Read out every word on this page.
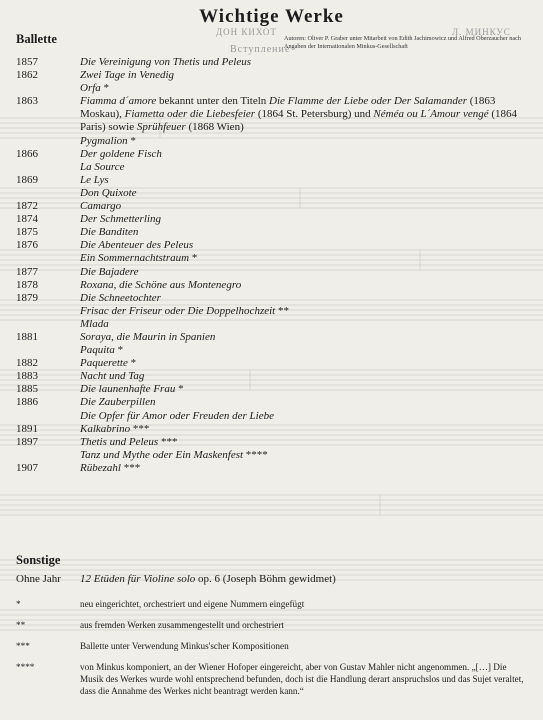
ДОН КИХОТ	Л. МИНКУС
Вступление
Wichtige Werke
Ballette	Autoren: Oliver P. Graber unter Mitarbeit von Edith Jachimowicz und Alfred Oberzaucher nach Angaben der Internationalen Minkus-Gesellschaft
1857	Die Vereinigung von Thetis und Peleus
1862	Zwei Tage in Venedig
Orfa *
1863	Fiamma d´amore bekannt unter den Titeln Die Flamme der Liebe oder Der Salamander (1863 Moskau), Fiametta oder die Liebesfeier (1864 St. Petersburg) und Néméa ou L´Amour vengé (1864 Paris) sowie Sprühfeuer (1868 Wien)
Pygmalion *
1866	Der goldene Fisch
La Source
1869	Le Lys
Don Quixote
1872	Camargo
1874	Der Schmetterling
1875	Die Banditen
1876	Die Abenteuer des Peleus
Ein Sommernachtstraum *
1877	Die Bajadere
1878	Roxana, die Schöne aus Montenegro
1879	Die Schneetochter
Frisac der Friseur oder Die Doppelhochzeit **
Mlada
1881	Soraya, die Maurin in Spanien
Paquita *
1882	Paquerette *
1883	Nacht und Tag
1885	Die launenhafte Frau *
1886	Die Zauberpillen
Die Opfer für Amor oder Freuden der Liebe
1891	Kalkabrino ***
1897	Thetis und Peleus ***
Tanz und Mythe oder Ein Maskenfest ****
1907	Rübezahl ***
Sonstige
Ohne Jahr	12 Etüden für Violine solo op. 6 (Joseph Böhm gewidmet)
*	neu eingerichtet, orchestriert und eigene Nummern eingefügt
**	aus fremden Werken zusammengestellt und orchestriert
***	Ballette unter Verwendung Minkus'scher Kompositionen
****	von Minkus komponiert, an der Wiener Hofoper eingereicht, aber von Gustav Mahler nicht angenommen. „[…] Die Musik des Werkes wurde wohl entsprechend befunden, doch ist die Handlung derart anspruchslos und das Sujet veraltet, dass die Annahme des Werkes nicht beantragt werden kann.“
